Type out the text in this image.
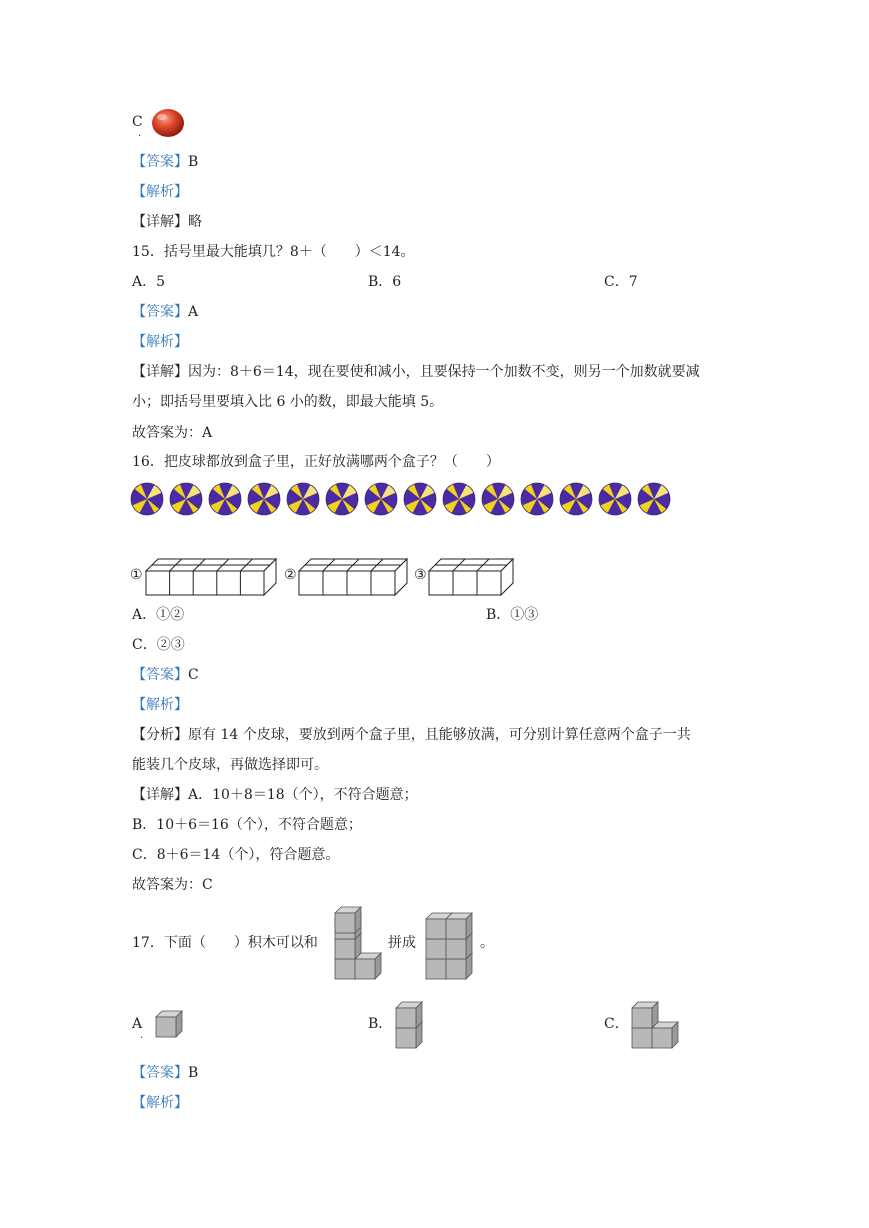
C
.
【答案】B
【解析】
【详解】略
15．括号里最大能填几？8＋（　　）＜14。
A．5	B．6	C．7
【答案】A
【解析】
【详解】因为：8＋6＝14，现在要使和减小，且要保持一个加数不变，则另一个加数就要减
小；即括号里要填入比 6 小的数，即最大能填 5。
故答案为：A
16．把皮球都放到盒子里，正好放满哪两个盒子？（　　）
①	②	③
A．①②	B．①③
C．②③
【答案】C
【解析】
【分析】原有 14 个皮球，要放到两个盒子里，且能够放满，可分别计算任意两个盒子一共
能装几个皮球，再做选择即可。
【详解】A．10＋8＝18（个），不符合题意；
B．10＋6＝16（个），不符合题意；
C．8＋6＝14（个），符合题意。
故答案为：C
17．下面（　　）积木可以和	拼成	。
A
.
B．	C．
【答案】B
【解析】
